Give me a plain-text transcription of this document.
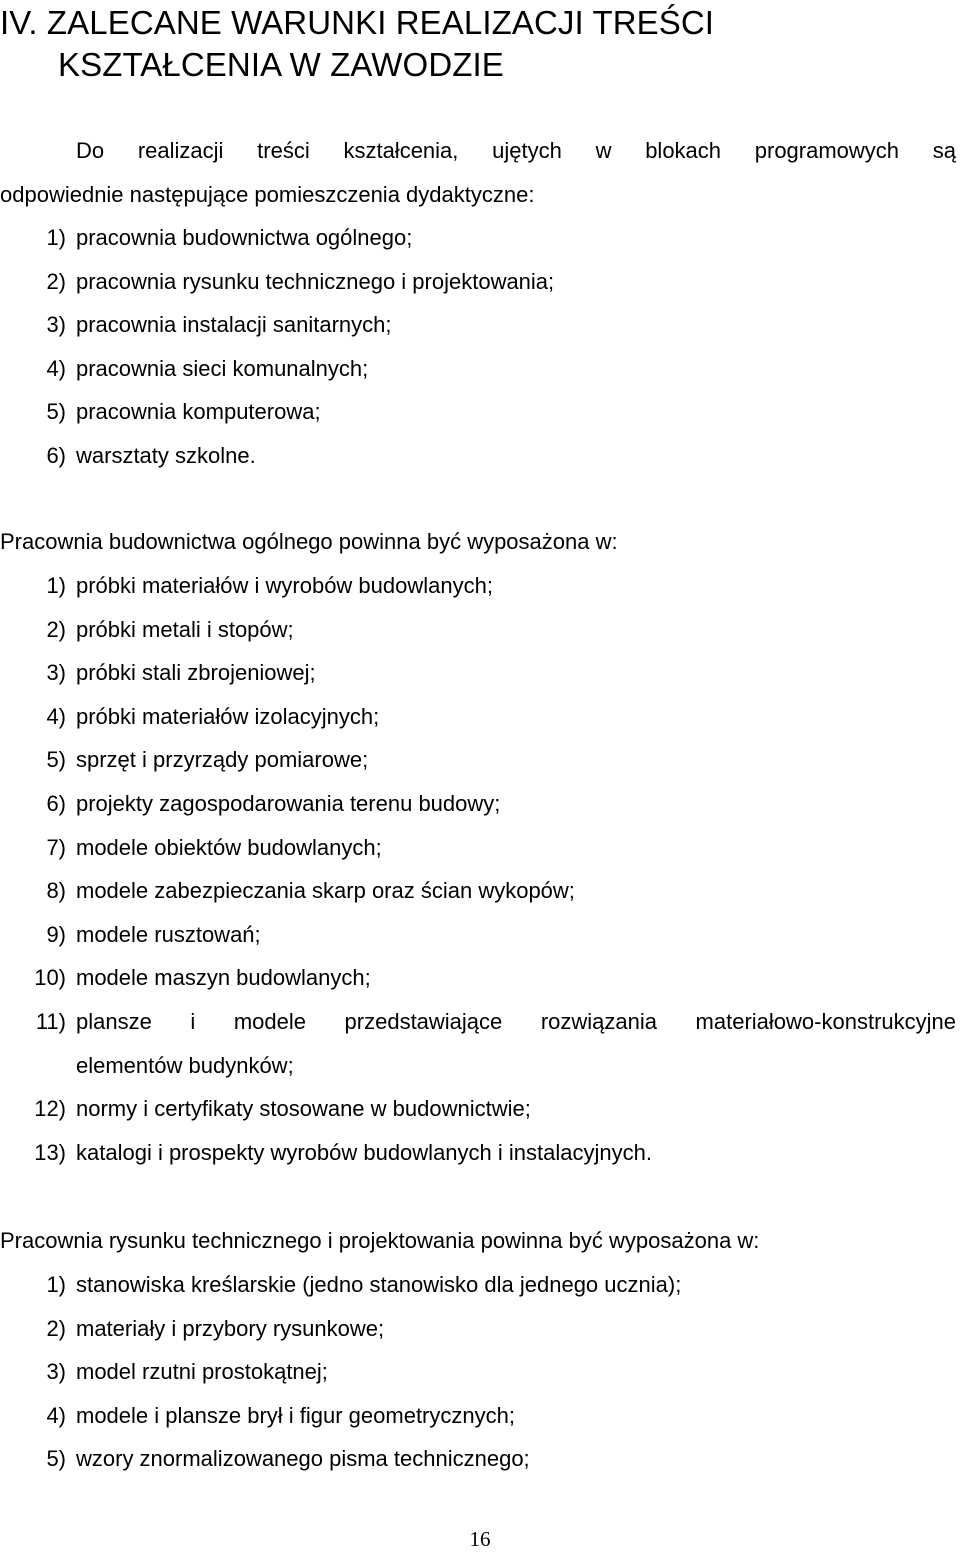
IV. ZALECANE WARUNKI REALIZACJI TREŚCI
KSZTAŁCENIA W ZAWODZIE

Do realizacji treści kształcenia, ujętych w blokach programowych są
odpowiednie następujące pomieszczenia dydaktyczne:

1) pracownia budownictwa ogólnego;
2) pracownia rysunku technicznego i projektowania;
3) pracownia instalacji sanitarnych;
4) pracownia sieci komunalnych;
5) pracownia komputerowa;
6) warsztaty szkolne.

Pracownia budownictwa ogólnego powinna być wyposażona w:

1) próbki materiałów i wyrobów budowlanych;
2) próbki metali i stopów;
3) próbki stali zbrojeniowej;
4) próbki materiałów izolacyjnych;
5) sprzęt i przyrządy pomiarowe;
6) projekty zagospodarowania terenu budowy;
7) modele obiektów budowlanych;
8) modele zabezpieczania skarp oraz ścian wykopów;
9) modele rusztowań;
10) modele maszyn budowlanych;
11) plansze i modele przedstawiające rozwiązania materiałowo-konstrukcyjne
elementów budynków;
12) normy i certyfikaty stosowane w budownictwie;
13) katalogi i prospekty wyrobów budowlanych i instalacyjnych.

Pracownia rysunku technicznego i projektowania powinna być wyposażona w:

1) stanowiska kreślarskie (jedno stanowisko dla jednego ucznia);
2) materiały i przybory rysunkowe;
3) model rzutni prostokątnej;
4) modele i plansze brył i figur geometrycznych;
5) wzory znormalizowanego pisma technicznego;
16
